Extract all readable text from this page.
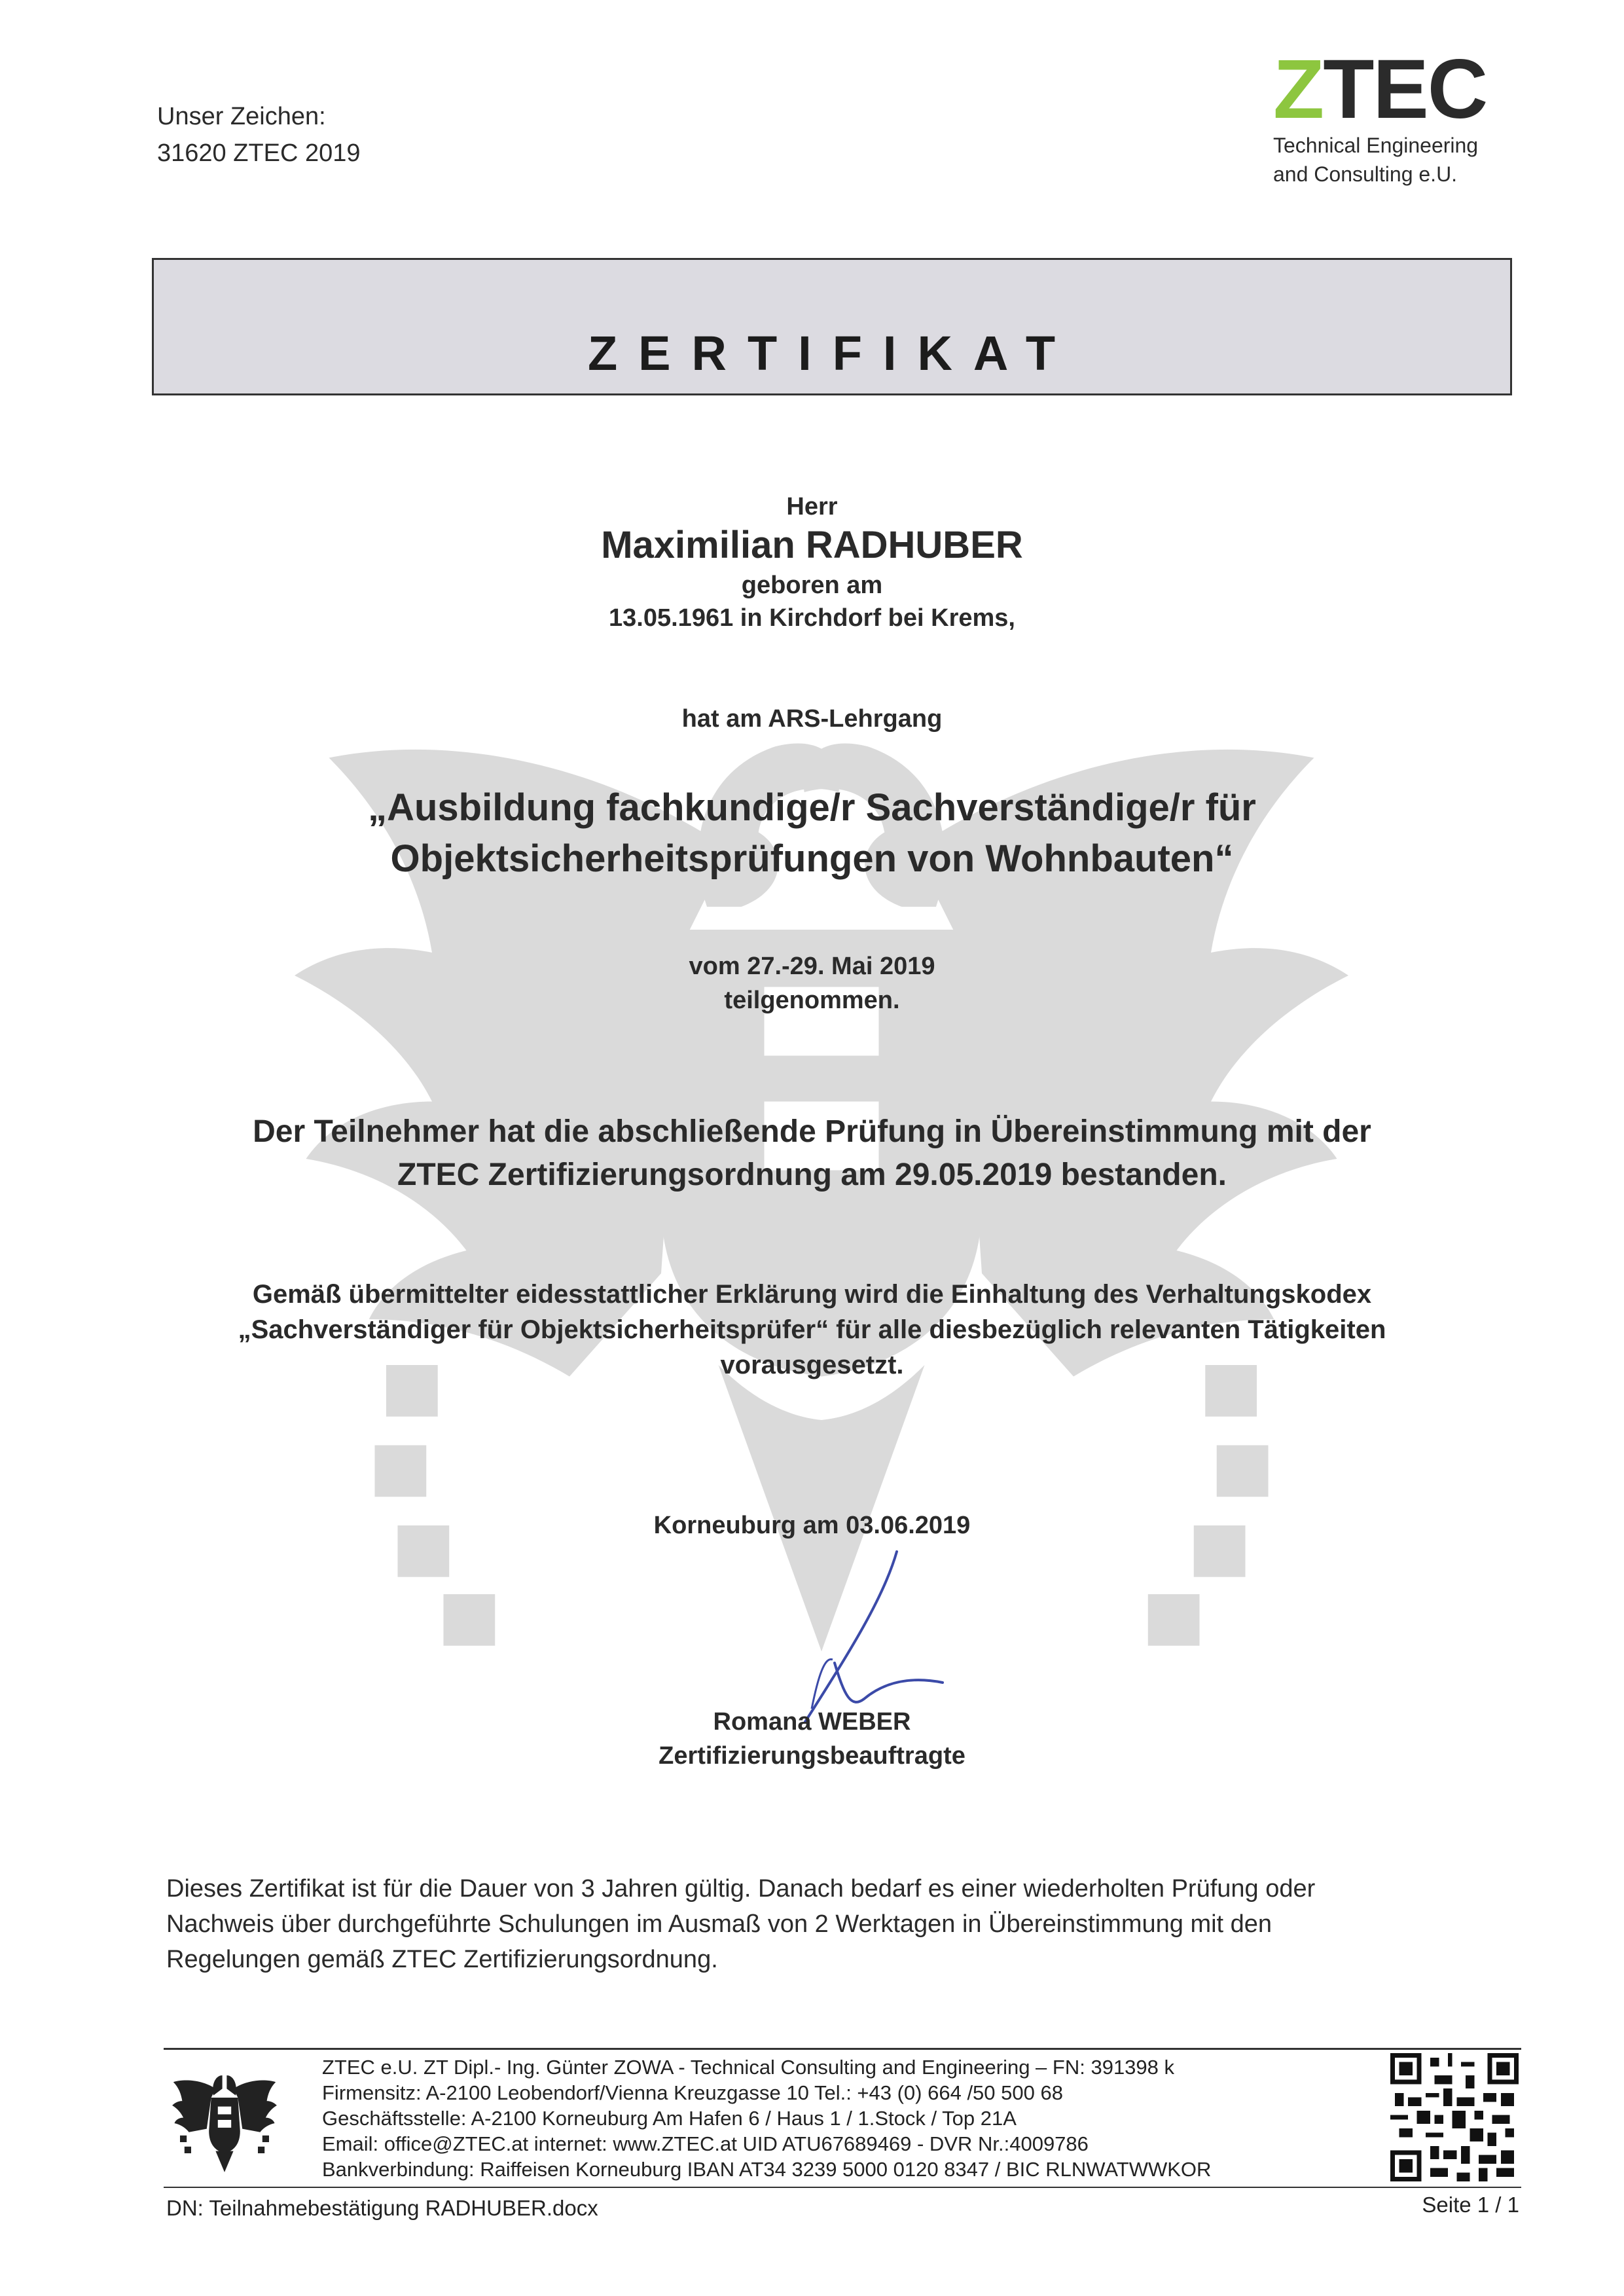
Unser Zeichen:
31620 ZTEC 2019
ZTEC
Technical Engineering
and Consulting e.U.
ZERTIFIKAT
Herr
Maximilian RADHUBER
geboren am
13.05.1961 in Kirchdorf bei Krems,
hat am ARS-Lehrgang
„Ausbildung fachkundige/r Sachverständige/r für
Objektsicherheitsprüfungen von Wohnbauten“
vom 27.-29. Mai 2019
teilgenommen.
Der Teilnehmer hat die abschließende Prüfung in Übereinstimmung mit der
ZTEC Zertifizierungsordnung am 29.05.2019 bestanden.
Gemäß übermittelter eidesstattlicher Erklärung wird die Einhaltung des Verhaltungskodex
„Sachverständiger für Objektsicherheitsprüfer“ für alle diesbezüglich relevanten Tätigkeiten
vorausgesetzt.
Korneuburg am 03.06.2019
Romana WEBER
Zertifizierungsbeauftragte
Dieses Zertifikat ist für die Dauer von 3 Jahren gültig. Danach bedarf es einer wiederholten Prüfung oder
Nachweis über durchgeführte Schulungen im Ausmaß von 2 Werktagen in Übereinstimmung mit den
Regelungen gemäß ZTEC Zertifizierungsordnung.
ZTEC e.U. ZT Dipl.- Ing. Günter ZOWA - Technical Consulting and Engineering – FN: 391398 k
Firmensitz: A-2100 Leobendorf/Vienna Kreuzgasse 10 Tel.: +43 (0) 664 /50 500 68
Geschäftsstelle: A-2100 Korneuburg Am Hafen 6 / Haus 1 / 1.Stock / Top 21A
Email: office@ZTEC.at internet: www.ZTEC.at UID ATU67689469 - DVR Nr.:4009786
Bankverbindung: Raiffeisen Korneuburg IBAN AT34 3239 5000 0120 8347 / BIC RLNWATWWKOR
DN: Teilnahmebestätigung RADHUBER.docx	Seite 1 / 1
